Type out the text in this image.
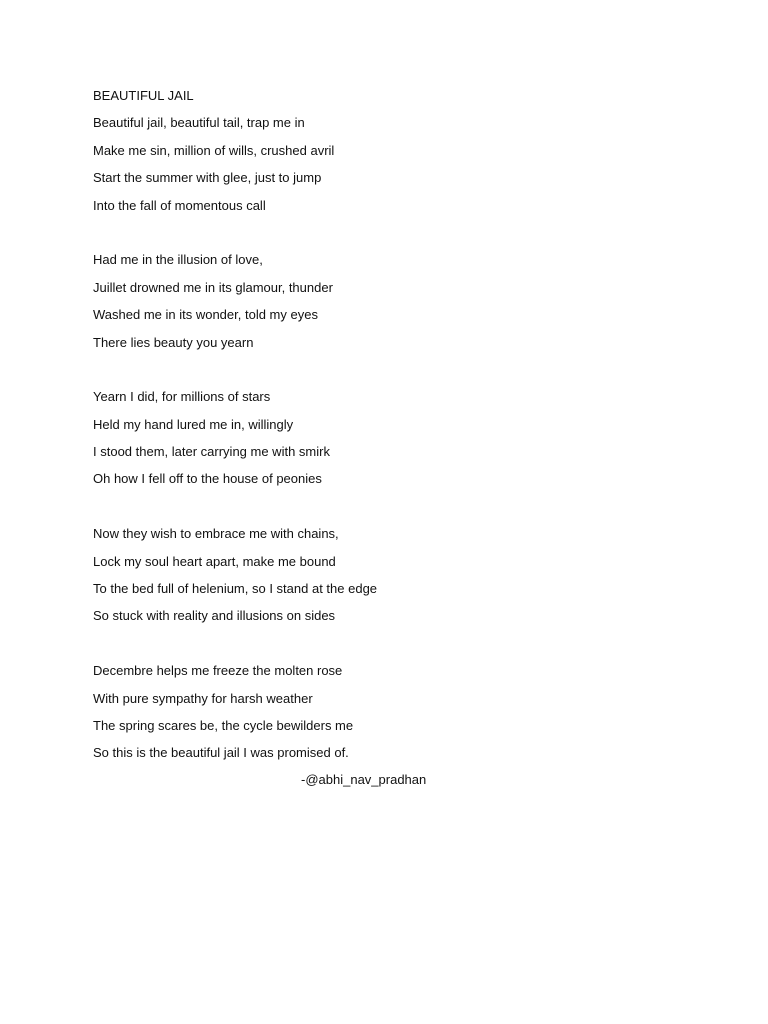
BEAUTIFUL JAIL
Beautiful jail, beautiful tail, trap me in
Make me sin, million of wills, crushed avril
Start the summer with glee, just to jump
Into the fall of momentous call
Had me in the illusion of love,
Juillet drowned me in its glamour, thunder
Washed me in its wonder, told my eyes
There lies beauty you yearn
Yearn I did, for millions of stars
Held my hand lured me in, willingly
I stood them, later carrying me with smirk
Oh how I fell off to the house of peonies
Now they wish to embrace me with chains,
Lock my soul heart apart, make me bound
To the bed full of helenium, so I stand at the edge
So stuck with reality and illusions on sides
Decembre helps me freeze the molten rose
With pure sympathy for harsh weather
The spring scares be, the cycle bewilders me
So this is the beautiful jail I was promised of.
-@abhi_nav_pradhan
